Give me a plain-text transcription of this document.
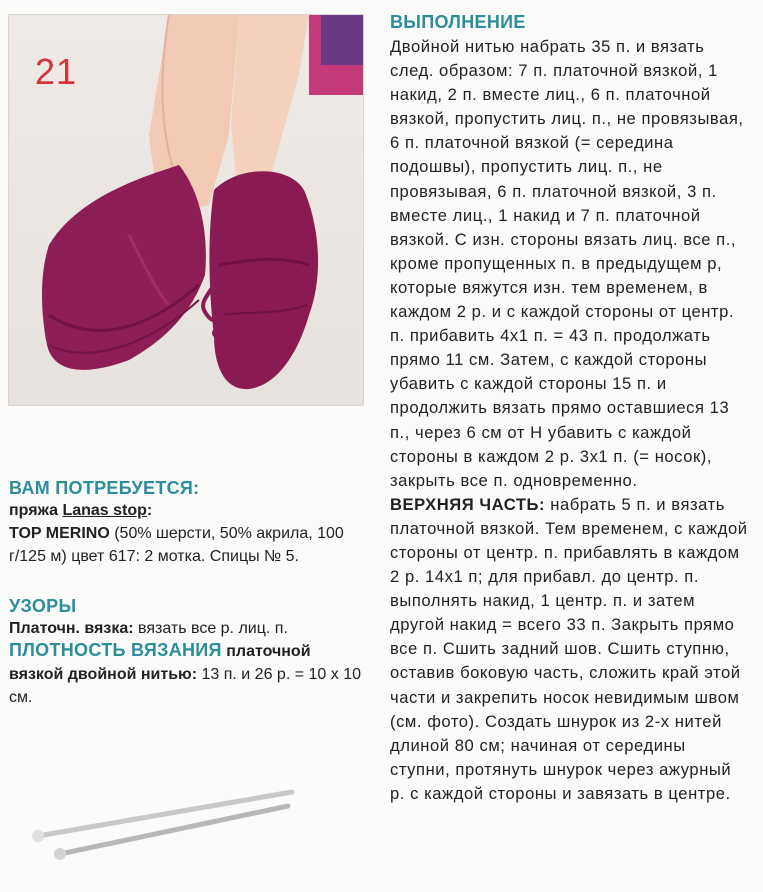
21

ВАМ ПОТРЕБУЕТСЯ:

пряжа Lanas stop:
TOP MERINO (50% шерсти, 50% акрила, 100 г/125 м) цвет 617: 2 мотка. Спицы № 5.

УЗОРЫ

Платочн. вязка: вязать все р. лиц. п.

ПЛОТНОСТЬ ВЯЗАНИЯ платочной вязкой двойной нитью: 13 п. и 26 р. = 10 x 10 см.

ВЫПОЛНЕНИЕ

Двойной нитью набрать 35 п. и вязать след. образом: 7 п. платочной вязкой, 1 накид, 2 п. вместе лиц., 6 п. платочной вязкой, пропустить лиц. п., не провязывая, 6 п. платочной вязкой (= середина подошвы), пропустить лиц. п., не провязывая, 6 п. платочной вязкой, 3 п. вместе лиц., 1 накид и 7 п. платочной вязкой. С изн. стороны вязать лиц. все п., кроме пропущенных п. в предыдущем р, которые вяжутся изн. тем временем, в каждом 2 р. и с каждой стороны от центр. п. прибавить 4х1 п. = 43 п. продолжать прямо 11 см. Затем, с каждой стороны убавить с каждой стороны 15 п. и продолжить вязать прямо оставшиеся 13 п., через 6 см от Н убавить с каждой стороны в каждом 2 р. 3х1 п. (= носок), закрыть все п. одновременно.

ВЕРХНЯЯ ЧАСТЬ: набрать 5 п. и вязать платочной вязкой. Тем временем, с каждой стороны от центр. п. прибавлять в каждом 2 р. 14х1 п; для прибавл. до центр. п. выполнять накид, 1 центр. п. и затем другой накид = всего 33 п. Закрыть прямо все п. Сшить задний шов. Сшить ступню, оставив боковую часть, сложить край этой части и закрепить носок невидимым швом (см. фото). Создать шнурок из 2-х нитей длиной 80 см; начиная от середины ступни, протянуть шнурок через ажурный р. с каждой стороны и завязать в центре.
